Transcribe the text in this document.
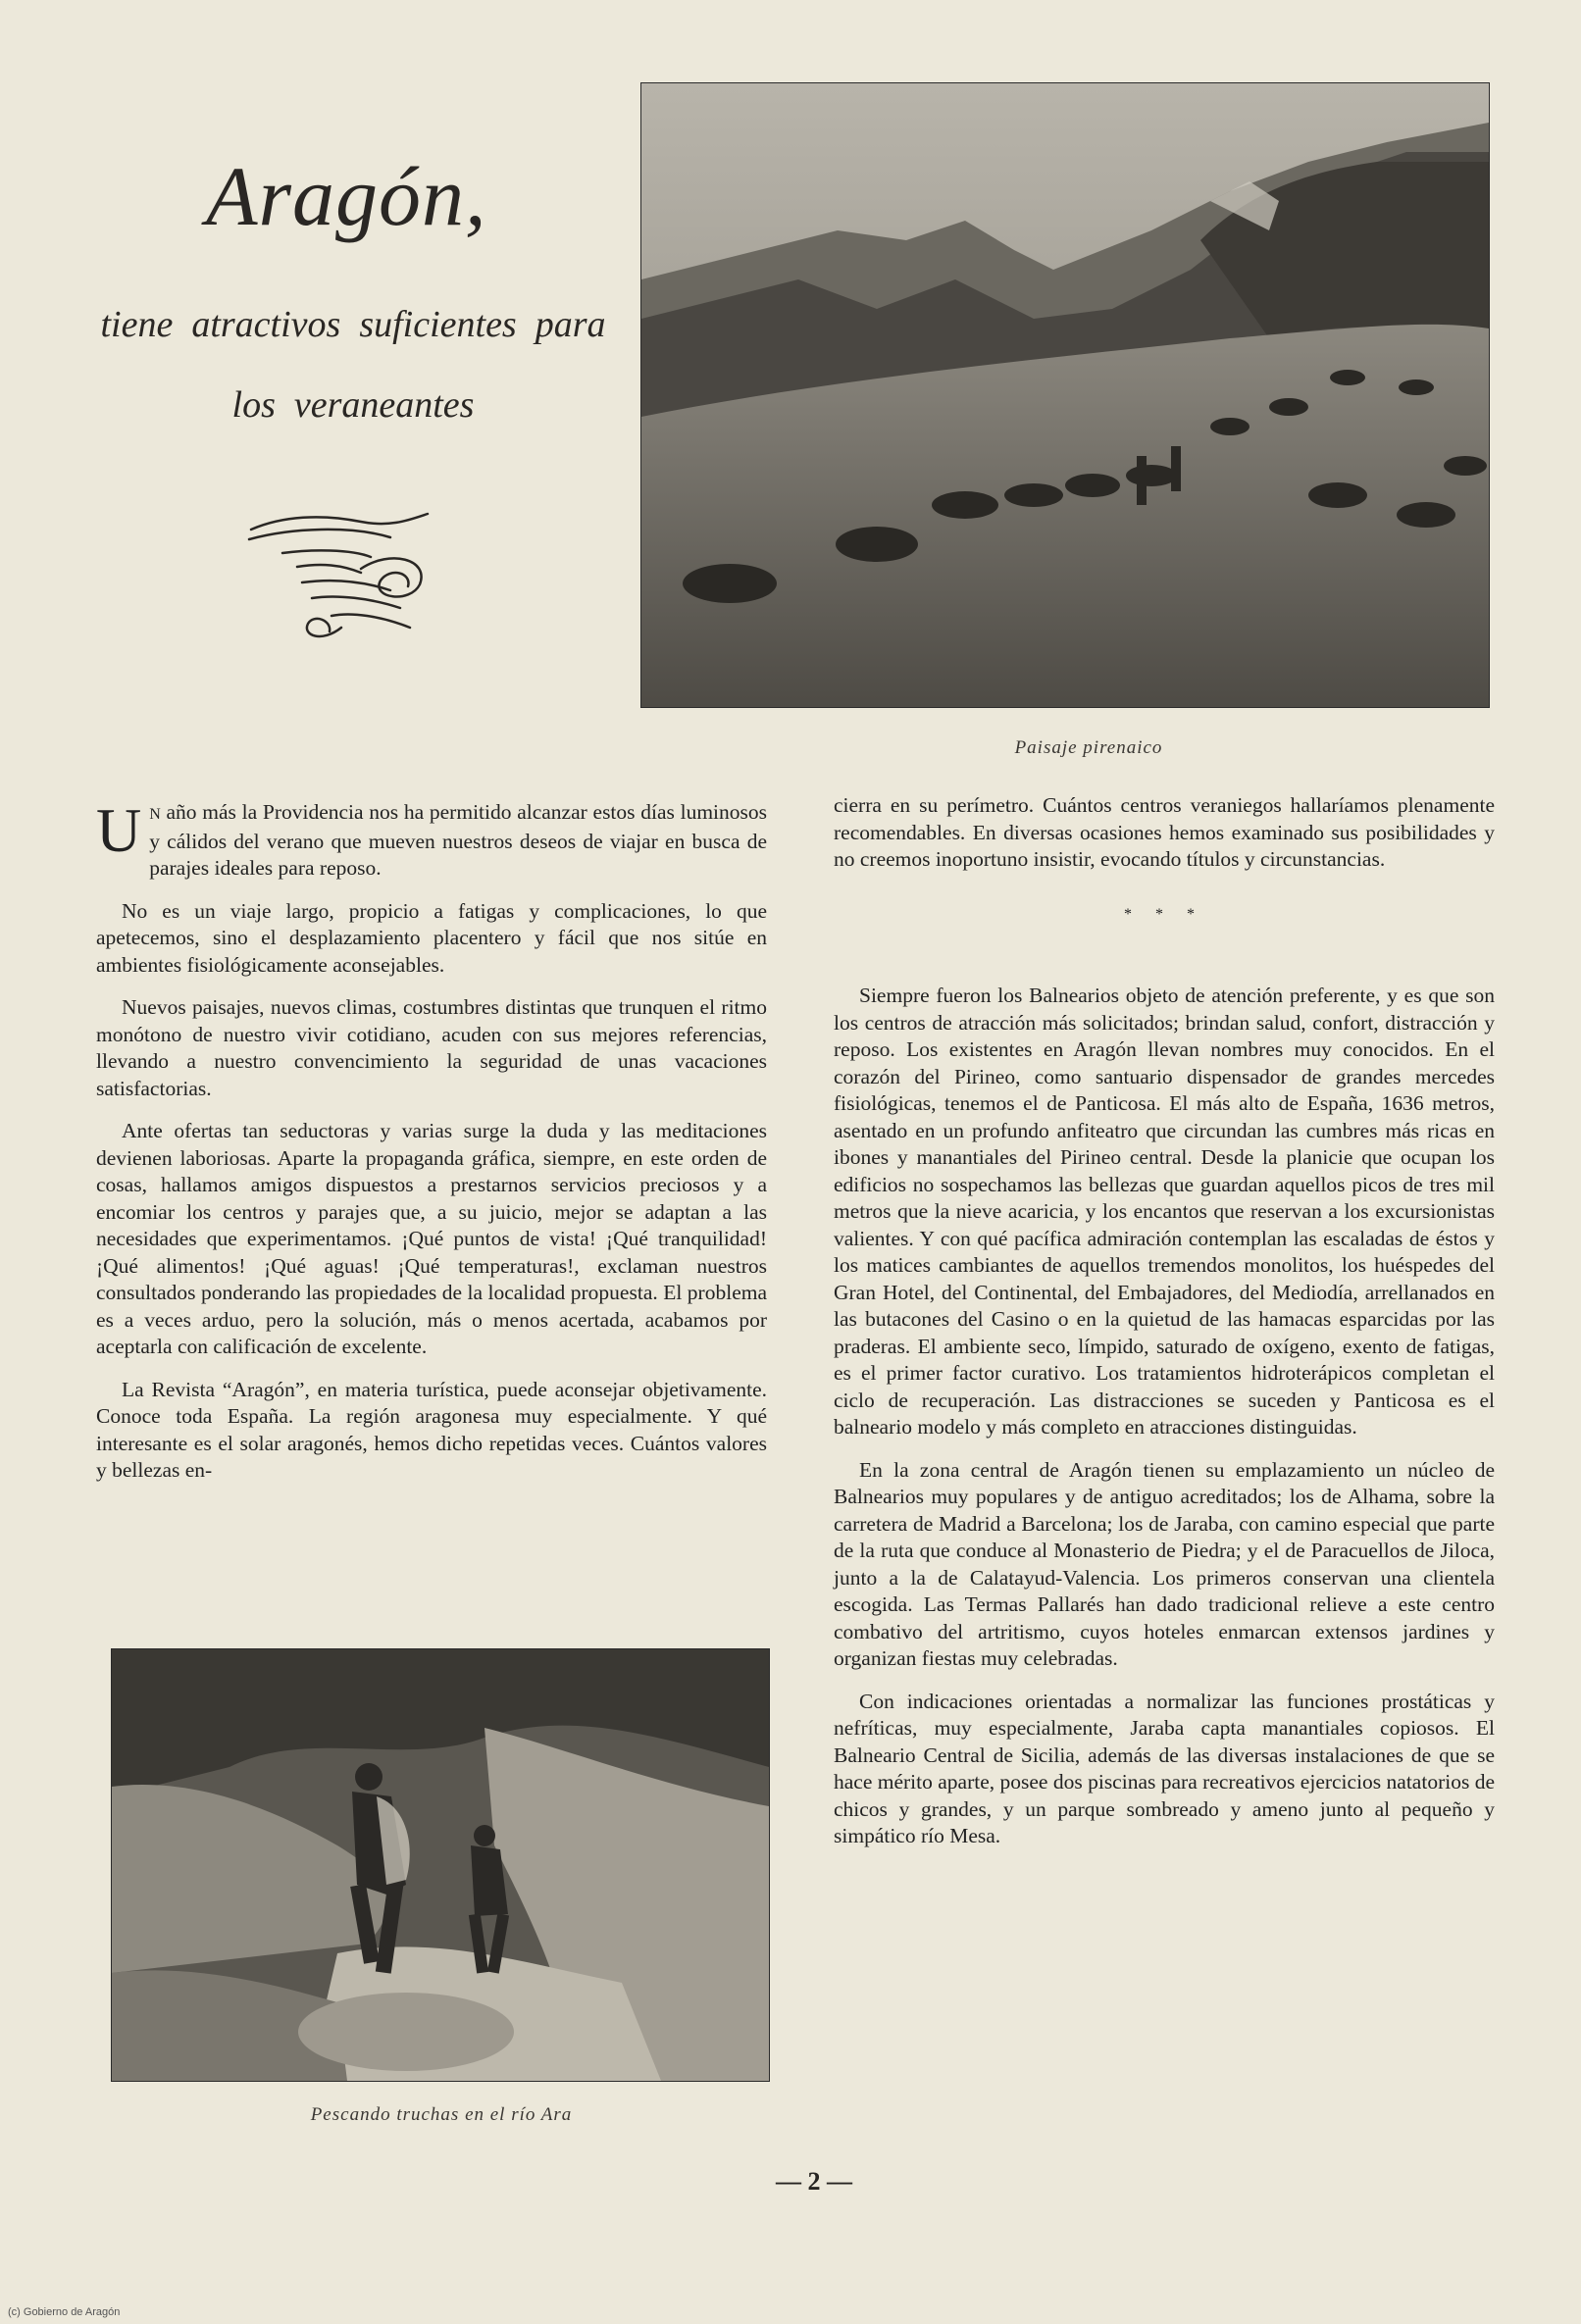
Aragón,
tiene  atractivos  suficientes  para
los  veraneantes
Paisaje pirenaico

U N año más la Providencia nos ha permitido alcanzar estos días luminosos y cálidos del verano que mueven nuestros deseos de viajar en busca de parajes ideales para reposo.

No es un viaje largo, propicio a fatigas y complicaciones, lo que apetecemos, sino el desplazamiento placentero y fácil que nos sitúe en ambientes fisiológicamente aconsejables.

Nuevos paisajes, nuevos climas, costumbres distintas que trunquen el ritmo monótono de nuestro vivir cotidiano, acuden con sus mejores referencias, llevando a nuestro convencimiento la seguridad de unas vacaciones satisfactorias.

Ante ofertas tan seductoras y varias surge la duda y las meditaciones devienen laboriosas. Aparte la propaganda gráfica, siempre, en este orden de cosas, hallamos amigos dispuestos a prestarnos servicios preciosos y a encomiar los centros y parajes que, a su juicio, mejor se adaptan a las necesidades que experimentamos. ¡Qué puntos de vista! ¡Qué tranquilidad! ¡Qué alimentos! ¡Qué aguas! ¡Qué temperaturas!, exclaman nuestros consultados ponderando las propiedades de la localidad propuesta. El problema es a veces arduo, pero la solución, más o menos acertada, acabamos por aceptarla con calificación de excelente.

La Revista “Aragón”, en materia turística, puede aconsejar objetivamente. Conoce toda España. La región aragonesa muy especialmente. Y qué interesante es el solar aragonés, hemos dicho repetidas veces. Cuántos valores y bellezas en-

Pescando truchas en el río Ara

cierra en su perímetro. Cuántos centros veraniegos hallaríamos plenamente recomendables. En diversas ocasiones hemos examinado sus posibilidades y no creemos inoportuno insistir, evocando títulos y circunstancias.

* * *

Siempre fueron los Balnearios objeto de atención preferente, y es que son los centros de atracción más solicitados; brindan salud, confort, distracción y reposo. Los existentes en Aragón llevan nombres muy conocidos. En el corazón del Pirineo, como santuario dispensador de grandes mercedes fisiológicas, tenemos el de Panticosa. El más alto de España, 1636 metros, asentado en un profundo anfiteatro que circundan las cumbres más ricas en ibones y manantiales del Pirineo central. Desde la planicie que ocupan los edificios no sospechamos las bellezas que guardan aquellos picos de tres mil metros que la nieve acaricia, y los encantos que reservan a los excursionistas valientes. Y con qué pacífica admiración contemplan las escaladas de éstos y los matices cambiantes de aquellos tremendos monolitos, los huéspedes del Gran Hotel, del Continental, del Embajadores, del Mediodía, arrellanados en las butacones del Casino o en la quietud de las hamacas esparcidas por las praderas. El ambiente seco, límpido, saturado de oxígeno, exento de fatigas, es el primer factor curativo. Los tratamientos hidroterápicos completan el ciclo de recuperación. Las distracciones se suceden y Panticosa es el balneario modelo y más completo en atracciones distinguidas.

En la zona central de Aragón tienen su emplazamiento un núcleo de Balnearios muy populares y de antiguo acreditados; los de Alhama, sobre la carretera de Madrid a Barcelona; los de Jaraba, con camino especial que parte de la ruta que conduce al Monasterio de Piedra; y el de Paracuellos de Jiloca, junto a la de Calatayud-Valencia. Los primeros conservan una clientela escogida. Las Termas Pallarés han dado tradicional relieve a este centro combativo del artritismo, cuyos hoteles enmarcan extensos jardines y organizan fiestas muy celebradas.

Con indicaciones orientadas a normalizar las funciones prostáticas y nefríticas, muy especialmente, Jaraba capta manantiales copiosos. El Balneario Central de Sicilia, además de las diversas instalaciones de que se hace mérito aparte, posee dos piscinas para recreativos ejercicios natatorios de chicos y grandes, y un parque sombreado y ameno junto al pequeño y simpático río Mesa.

— 2 —
(c) Gobierno de Aragón
